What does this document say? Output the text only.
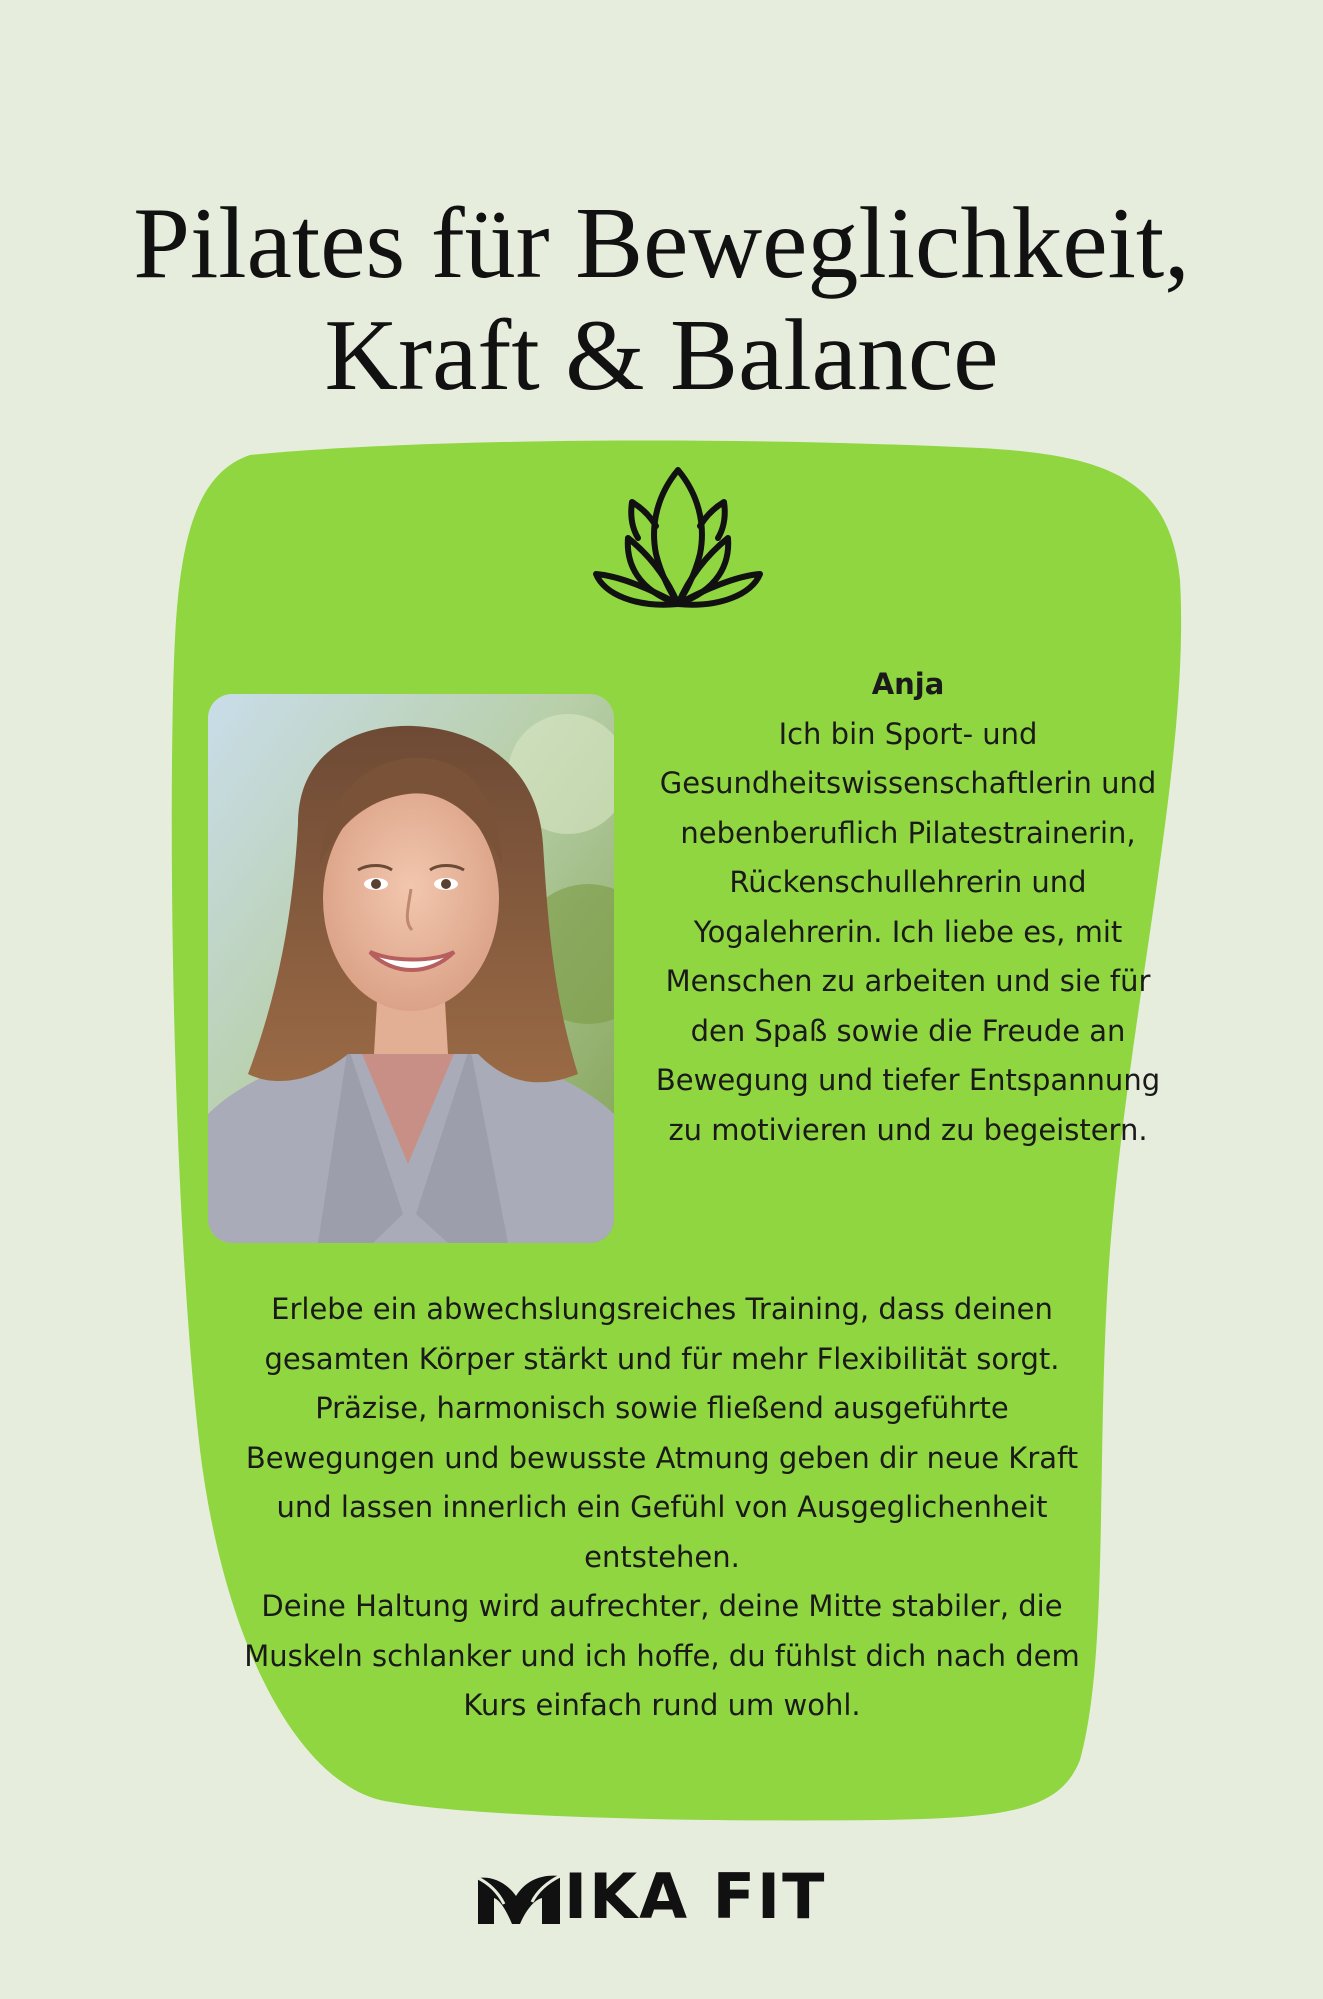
Pilates für Beweglichkeit,
Kraft & Balance
Anja
Ich bin Sport- und Gesundheitswissenschaftlerin und nebenberuflich Pilatestrainerin, Rückenschullehrerin und Yogalehrerin. Ich liebe es, mit Menschen zu arbeiten und sie für den Spaß sowie die Freude an Bewegung und tiefer Entspannung zu motivieren und zu begeistern.
Erlebe ein abwechslungsreiches Training, dass deinen gesamten Körper stärkt und für mehr Flexibilität sorgt.
Präzise, harmonisch sowie fließend ausgeführte Bewegungen und bewusste Atmung geben dir neue Kraft und lassen innerlich ein Gefühl von Ausgeglichenheit entstehen.
Deine Haltung wird aufrechter, deine Mitte stabiler, die Muskeln schlanker und ich hoffe, du fühlst dich nach dem Kurs einfach rund um wohl.
IKA FIT
